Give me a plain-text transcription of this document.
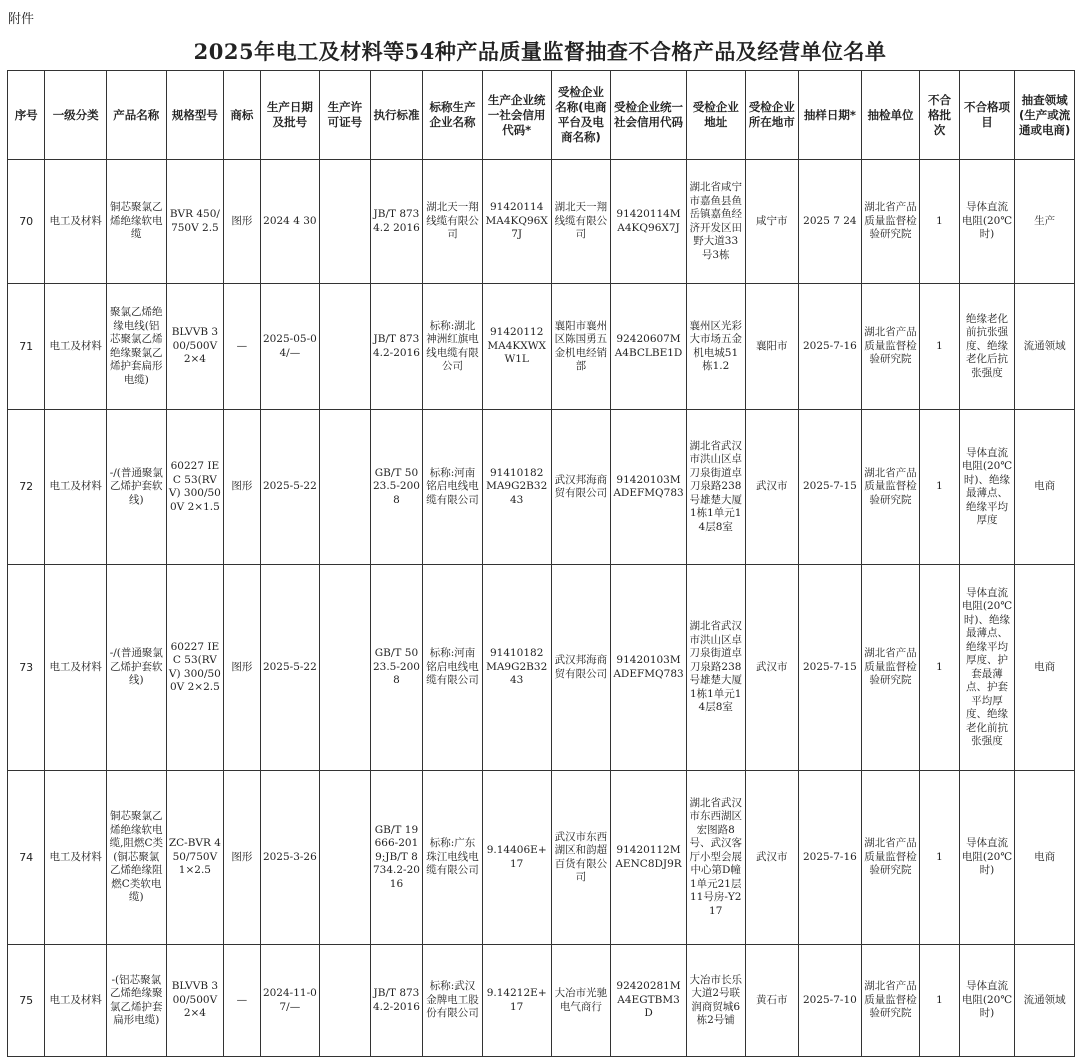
附件
2025年电工及材料等54种产品质量监督抽查不合格产品及经营单位名单
序号	一级分类	产品名称	规格型号	商标	生产日期及批号	生产许可证号	执行标准	标称生产企业名称	生产企业统一社会信用代码*	受检企业名称(电商平台及电商名称)	受检企业统一社会信用代码	受检企业地址	受检企业所在地市	抽样日期*	抽检单位	不合格批次	不合格项目	抽查领域(生产或流通或电商)
70	电工及材料	铜芯聚氯乙烯绝缘软电缆	BVR 450/750V 2.5	图形	2024 4 30		JB/T 8734.2 2016	湖北天一翔线缆有限公司	91420114MA4KQ96X7J	湖北天一翔线缆有限公司	91420114MA4KQ96X7J	湖北省咸宁市嘉鱼县鱼岳镇嘉鱼经济开发区田野大道33号3栋	咸宁市	2025 7 24	湖北省产品质量监督检验研究院	1	导体直流电阻(20℃时)	生产
71	电工及材料	聚氯乙烯绝缘电线(铝芯聚氯乙烯绝缘聚氯乙烯护套扁形电缆)	BLVVB 300/500V 2×4	—	2025-05-04/—		JB/T 8734.2-2016	标称:湖北神洲红旗电线电缆有限公司	91420112MA4KXWXW1L	襄阳市襄州区陈国勇五金机电经销部	92420607MA4BCLBE1D	襄州区光彩大市场五金机电城51栋1.2	襄阳市	2025-7-16	湖北省产品质量监督检验研究院	1	绝缘老化前抗张强度、绝缘老化后抗张强度	流通领域
72	电工及材料	-/(普通聚氯乙烯护套软线)	60227 IEC 53(RVV) 300/500V 2×1.5	图形	2025-5-22		GB/T 5023.5-2008	标称:河南铭启电线电缆有限公司	91410182MA9G2B3243	武汉邦海商贸有限公司	91420103MADEFMQ783	湖北省武汉市洪山区卓刀泉街道卓刀泉路238号雄楚大厦1栋1单元14层8室	武汉市	2025-7-15	湖北省产品质量监督检验研究院	1	导体直流电阻(20℃时)、绝缘最薄点、绝缘平均厚度	电商
73	电工及材料	-/(普通聚氯乙烯护套软线)	60227 IEC 53(RVV) 300/500V 2×2.5	图形	2025-5-22		GB/T 5023.5-2008	标称:河南铭启电线电缆有限公司	91410182MA9G2B3243	武汉邦海商贸有限公司	91420103MADEFMQ783	湖北省武汉市洪山区卓刀泉街道卓刀泉路238号雄楚大厦1栋1单元14层8室	武汉市	2025-7-15	湖北省产品质量监督检验研究院	1	导体直流电阻(20℃时)、绝缘最薄点、绝缘平均厚度、护套最薄点、护套平均厚度、绝缘老化前抗张强度	电商
74	电工及材料	铜芯聚氯乙烯绝缘软电缆,阻燃C类(铜芯聚氯乙烯绝缘阻燃C类软电缆)	ZC-BVR 450/750V 1×2.5	图形	2025-3-26		GB/T 19666-2019;JB/T 8734.2-2016	标称:广东珠江电线电缆有限公司	9.14406E+17	武汉市东西湖区和韵超百货有限公司	91420112MAENC8DJ9R	湖北省武汉市东西湖区宏图路8号、武汉客厅小型会展中心第D幢1单元21层11号房-Y217	武汉市	2025-7-16	湖北省产品质量监督检验研究院	1	导体直流电阻(20℃时)	电商
75	电工及材料	-(铝芯聚氯乙烯绝缘聚氯乙烯护套扁形电缆)	BLVVB 300/500V 2×4	—	2024-11-07/—		JB/T 8734.2-2016	标称:武汉金牌电工股份有限公司	9.14212E+17	大冶市光驰电气商行	92420281MA4EGTBM3D	大冶市长乐大道2号联润商贸城6栋2号铺	黄石市	2025-7-10	湖北省产品质量监督检验研究院	1	导体直流电阻(20℃时)	流通领域
